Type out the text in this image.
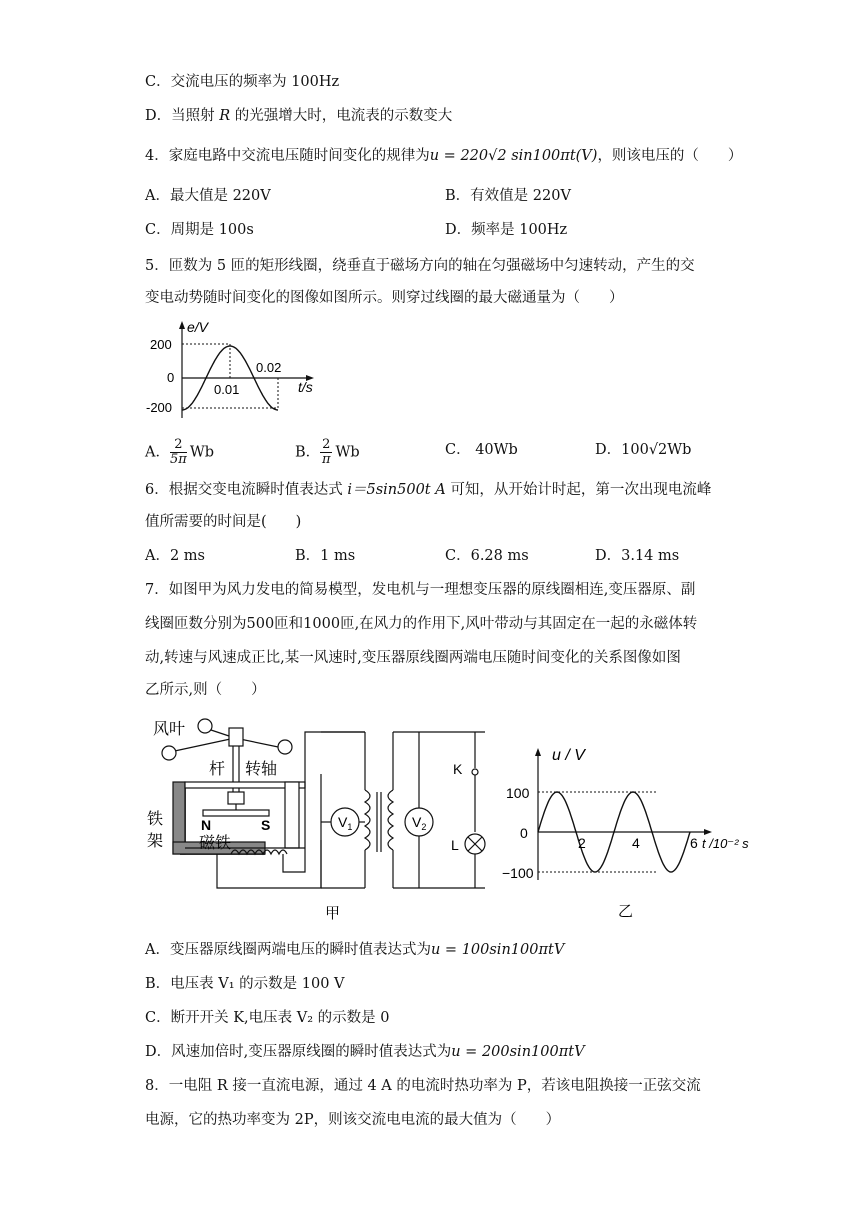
C．交流电压的频率为 100Hz
D．当照射 R 的光强增大时，电流表的示数变大
4．家庭电路中交流电压随时间变化的规律为u = 220√2 sin100πt(V)，则该电压的（　　）
A．最大值是 220V	B．有效值是 220V
C．周期是 100s	D．频率是 100Hz
5．匝数为 5 匝的矩形线圈，绕垂直于磁场方向的轴在匀强磁场中匀速转动，产生的交
变电动势随时间变化的图像如图所示。则穿过线圈的最大磁通量为（　　）
e/V
200
0
-200
0.01
0.02
t/s
A． $\frac{2}{5\pi}$ Wb	B． $\frac{2}{\pi}$ Wb	C． 40Wb	D．100√2Wb
6．根据交变电流瞬时值表达式 i＝5sin500t A 可知，从开始计时起，第一次出现电流峰
值所需要的时间是(　　)
A．2 ms	B．1 ms	C．6.28 ms	D．3.14 ms
7．如图甲为风力发电的简易模型，发电机与一理想变压器的原线圈相连,变压器原、副
线圈匝数分别为500匝和1000匝,在风力的作用下,风叶带动与其固定在一起的永磁体转
动,转速与风速成正比,某一风速时,变压器原线圈两端电压随时间变化的关系图像如图
乙所示,则（　　）
风叶
杆 转轴
铁
架
N	S
磁铁
$V_1$	$V_2$
K
L
甲
u / V
100
0
−100
2	4	6 t /10⁻² s
乙
A．变压器原线圈两端电压的瞬时值表达式为u = 100sin100πtV
B．电压表 V₁ 的示数是 100 V
C．断开开关 K,电压表 V₂ 的示数是 0
D．风速加倍时,变压器原线圈的瞬时值表达式为u = 200sin100πtV
8．一电阻 R 接一直流电源，通过 4 A 的电流时热功率为 P，若该电阻换接一正弦交流
电源，它的热功率变为 2P，则该交流电电流的最大值为（　　）
